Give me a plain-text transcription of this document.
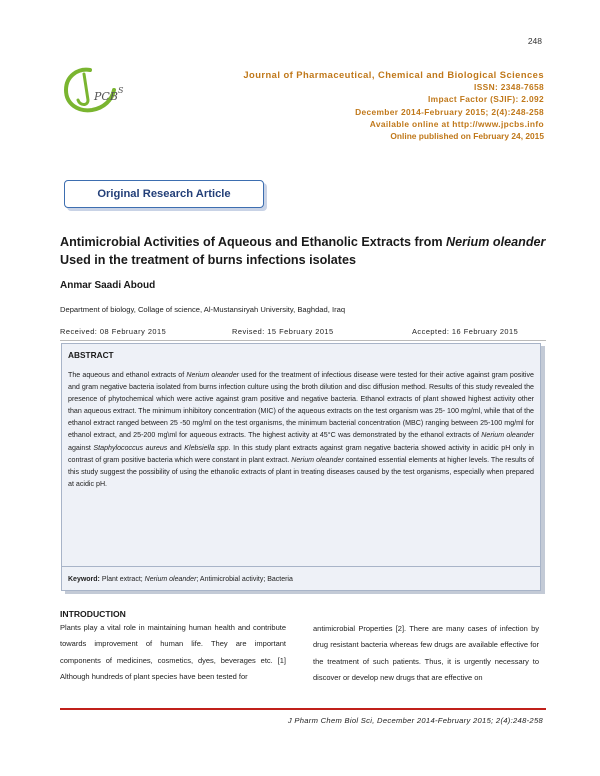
248
PCB S
Journal of Pharmaceutical, Chemical and Biological Sciences
ISSN: 2348-7658
Impact Factor (SJIF): 2.092
December 2014-February 2015; 2(4):248-258
Available online at http://www.jpcbs.info
Online published on February 24, 2015
Original Research Article
Antimicrobial Activities of Aqueous and Ethanolic Extracts from Nerium oleander Used in the treatment of burns infections isolates
Anmar Saadi Aboud
Department of biology, Collage of science, Al-Mustansiryah University, Baghdad, Iraq
Received: 08 February 2015	Revised: 15 February 2015	Accepted: 16 February 2015
ABSTRACT
The aqueous and ethanol extracts of Nerium oleander used for the treatment of infectious disease were tested for their active against gram positive and gram negative bacteria isolated from burns infection culture using the broth dilution and disc diffusion method. Results of this study revealed the presence of phytochemical which were active against gram positive and negative bacteria. Ethanol extracts of plant showed highest activity other than aqueous extract. The minimum inhibitory concentration (MIC) of the aqueous extracts on the test organism was 25- 100 mg/ml, while that of the ethanol extract ranged between 25 -50 mg/ml on the test organisms, the minimum bacterial concentration (MBC) ranging between 25-100 mg/ml for ethanol extract, and 25-200 mg\ml for aqueous extracts. The highest activity at 45°C was demonstrated by the ethanol extracts of Nerium oleander against Staphylococcus aureus and Klebsiella spp. In this study plant extracts against gram negative bacteria showed activity in acidic pH only in contrast of gram positive bacteria which were constant in plant extract. Nerium oleander contained essential elements at higher levels. The results of this study suggest the possibility of using the ethanolic extracts of plant in treating diseases caused by the test organisms, especially when prepared at acidic pH.
Keyword: Plant extract; Nerium oleander; Antimicrobial activity; Bacteria
INTRODUCTION
Plants play a vital role in maintaining human health and contribute towards improvement of human life. They are important components of medicines, cosmetics, dyes, beverages etc. [1] Although hundreds of plant species have been tested for
antimicrobial Properties [2]. There are many cases of infection by drug resistant bacteria whereas few drugs are available effective for the treatment of such patients. Thus, it is urgently necessary to discover or develop new drugs that are effective on
J Pharm Chem Biol Sci, December 2014-February 2015; 2(4):248-258
